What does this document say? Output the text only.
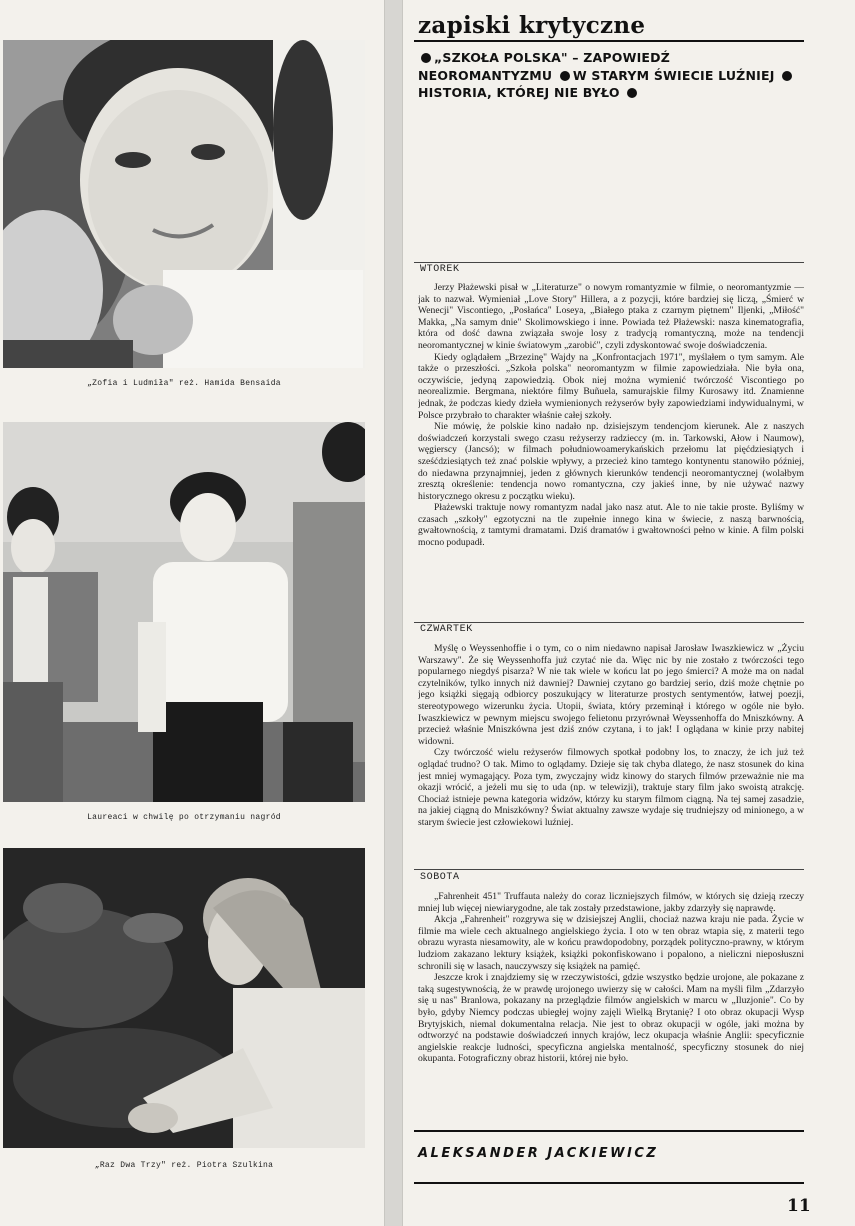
„Zofia i Ludmiła" reż. Hamida Bensaida
Laureaci w chwilę po otrzymaniu nagród
„Raz Dwa Trzy" reż. Piotra Szulkina
zapiski krytyczne
„SZKOŁA POLSKA" – ZAPOWIEDŹ NEOROMANTYZMU W STARYM ŚWIECIE LUŹNIEJ HISTORIA, KTÓREJ NIE BYŁO
WTOREK

Jerzy Płażewski pisał w „Literaturze" o nowym romantyzmie w filmie, o neoromantyzmie — jak to nazwał. Wymieniał „Love Story" Hillera, a z pozycji, które bardziej się liczą, „Śmierć w Wenecji" Viscontiego, „Posłańca" Loseya, „Białego ptaka z czarnym piętnem" Iljenki, „Miłość" Makka, „Na samym dnie" Skolimowskiego i inne. Powiada też Płażewski: nasza kinematografia, która od dość dawna związała swoje losy z tradycją romantyczną, może na tendencji neoromantycznej w kinie światowym „zarobić", czyli zdyskontować swoje doświadczenia.

Kiedy oglądałem „Brzezinę" Wajdy na „Konfrontacjach 1971", myślałem o tym samym. Ale także o przeszłości. „Szkoła polska" neoromantyzm w filmie zapowiedziała. Nie była ona, oczywiście, jedyną zapowiedzią. Obok niej można wymienić twórczość Viscontiego po neorealizmie. Bergmana, niektóre filmy Buñuela, samurajskie filmy Kurosawy itd. Znamienne jednak, że podczas kiedy dzieła wymienionych reżyserów były zapowiedziami indywidualnymi, w Polsce przybrało to charakter właśnie całej szkoły.

Nie mówię, że polskie kino nadało np. dzisiejszym tendencjom kierunek. Ale z naszych doświadczeń korzystali swego czasu reżyserzy radzieccy (m. in. Tarkowski, Ałow i Naumow), węgierscy (Jancsó); w filmach południowoamerykańskich przełomu lat pięćdziesiątych i sześćdziesiątych też znać polskie wpływy, a przecież kino tamtego kontynentu stanowiło później, do niedawna przynajmniej, jeden z głównych kierunków tendencji neoromantycznej (wolałbym zresztą określenie: tendencja nowo romantyczna, czy jakieś inne, by nie używać nazwy historycznego okresu z początku wieku).

Płażewski traktuje nowy romantyzm nadal jako nasz atut. Ale to nie takie proste. Byliśmy w czasach „szkoły" egzotyczni na tle zupełnie innego kina w świecie, z naszą barwnością, gwałtownością, z tamtymi dramatami. Dziś dramatów i gwałtowności pełno w kinie. A film polski mocno podupadł.

CZWARTEK

Myślę o Weyssenhoffie i o tym, co o nim niedawno napisał Jarosław Iwaszkiewicz w „Życiu Warszawy". Że się Weyssenhoffa już czytać nie da. Więc nic by nie zostało z twórczości tego popularnego niegdyś pisarza? W nie tak wiele w końcu lat po jego śmierci? A może ma on nadal czytelników, tylko innych niż dawniej? Dawniej czytano go bardziej serio, dziś może chętnie po jego książki sięgają odbiorcy poszukujący w literaturze prostych sentymentów, łatwej poezji, stereotypowego wizerunku życia. Utopii, świata, który przeminął i którego w ogóle nie było. Iwaszkiewicz w pewnym miejscu swojego felietonu przyrównał Weyssenhoffa do Mniszkówny. A przecież właśnie Mniszkówna jest dziś znów czytana, i to jak! I oglądana w kinie przy nabitej widowni.

Czy twórczość wielu reżyserów filmowych spotkał podobny los, to znaczy, że ich już też oglądać trudno? O tak. Mimo to oglądamy. Dzieje się tak chyba dlatego, że nasz stosunek do kina jest mniej wymagający. Poza tym, zwyczajny widz kinowy do starych filmów przeważnie nie ma okazji wrócić, a jeżeli mu się to uda (np. w telewizji), traktuje stary film jako swoistą atrakcję. Chociaż istnieje pewna kategoria widzów, którzy ku starym filmom ciągną. Na tej samej zasadzie, na jakiej ciągną do Mniszkówny? Świat aktualny zawsze wydaje się trudniejszy od minionego, a w starym świecie jest człowiekowi luźniej.

SOBOTA

„Fahrenheit 451" Truffauta należy do coraz liczniejszych filmów, w których się dzieją rzeczy mniej lub więcej niewiarygodne, ale tak zostały przedstawione, jakby zdarzyły się naprawdę.

Akcja „Fahrenheit" rozgrywa się w dzisiejszej Anglii, chociaż nazwa kraju nie pada. Życie w filmie ma wiele cech aktualnego angielskiego życia. I oto w ten obraz wtapia się, z materii tego obrazu wyrasta niesamowity, ale w końcu prawdopodobny, porządek polityczno-prawny, w którym ludziom zakazano lektury książek, książki pokonfiskowano i popalono, a nieliczni nieposłuszni schronili się w lasach, nauczywszy się książek na pamięć.

Jeszcze krok i znajdziemy się w rzeczywistości, gdzie wszystko będzie urojone, ale pokazane z taką sugestywnością, że w prawdę urojonego uwierzy się w całości. Mam na myśli film „Zdarzyło się u nas" Branlowa, pokazany na przeglądzie filmów angielskich w marcu w „Iluzjonie". Co by było, gdyby Niemcy podczas ubiegłej wojny zajęli Wielką Brytanię? I oto obraz okupacji Wysp Brytyjskich, niemal dokumentalna relacja. Nie jest to obraz okupacji w ogóle, jaki można by odtworzyć na podstawie doświadczeń innych krajów, lecz okupacja właśnie Anglii: specyficznie angielskie reakcje ludności, specyficzna angielska mentalność, specyficzny stosunek do niej okupanta. Fotograficzny obraz historii, której nie było.

ALEKSANDER JACKIEWICZ
11
